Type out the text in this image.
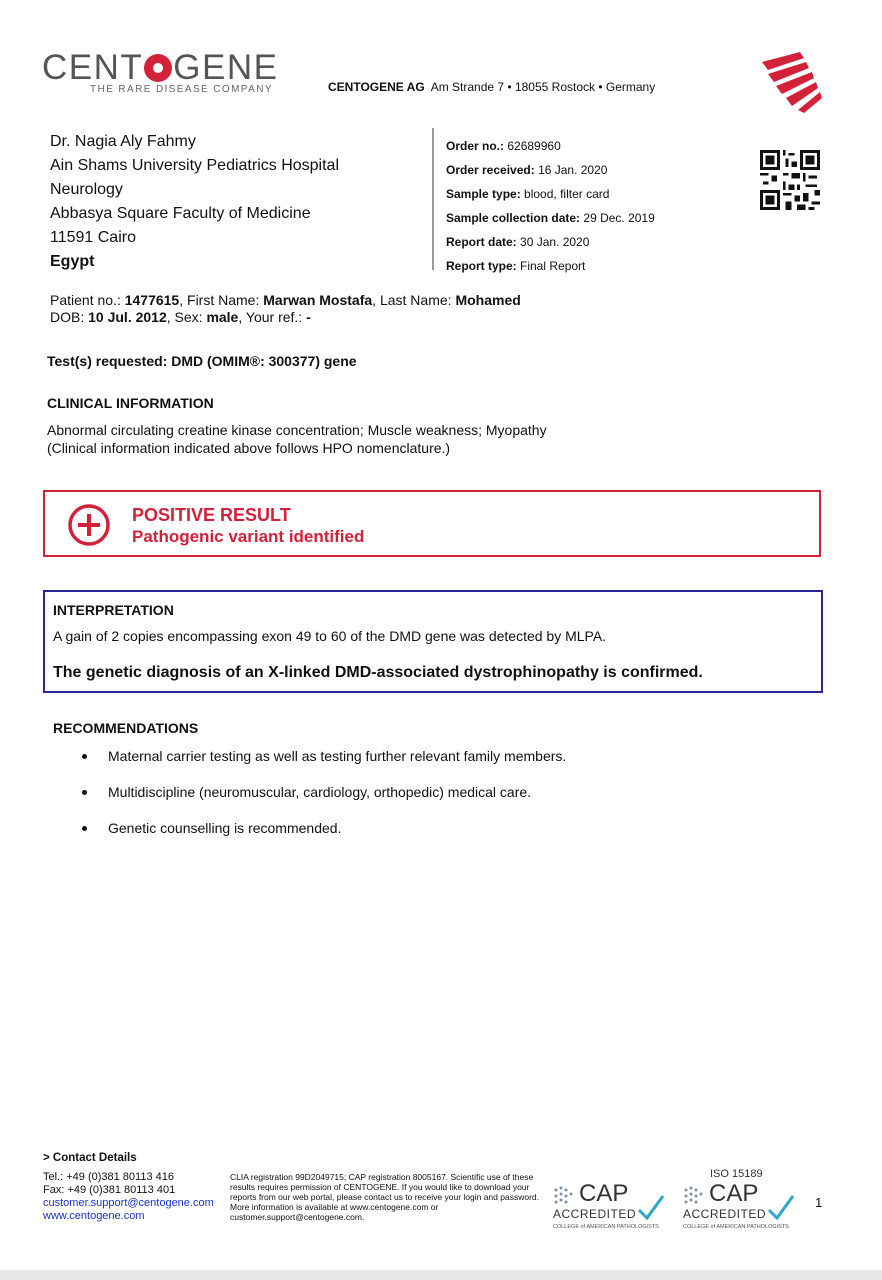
CENT GENE
THE RARE DISEASE COMPANY	CENTOGENE AG Am Strande 7 • 18055 Rostock • Germany
Dr. Nagia Aly Fahmy
Ain Shams University Pediatrics Hospital
Neurology
Abbasya Square Faculty of Medicine
11591 Cairo
Egypt
Order no.: 62689960
Order received: 16 Jan. 2020
Sample type: blood, filter card
Sample collection date: 29 Dec. 2019
Report date: 30 Jan. 2020
Report type: Final Report
Patient no.: 1477615, First Name: Marwan Mostafa, Last Name: Mohamed
DOB: 10 Jul. 2012, Sex: male, Your ref.: -
Test(s) requested: DMD (OMIM®: 300377) gene
CLINICAL INFORMATION
Abnormal circulating creatine kinase concentration; Muscle weakness; Myopathy
(Clinical information indicated above follows HPO nomenclature.)
POSITIVE RESULT
Pathogenic variant identified
INTERPRETATION
A gain of 2 copies encompassing exon 49 to 60 of the DMD gene was detected by MLPA.
The genetic diagnosis of an X-linked DMD-associated dystrophinopathy is confirmed.
RECOMMENDATIONS
Maternal carrier testing as well as testing further relevant family members.
Multidiscipline (neuromuscular, cardiology, orthopedic) medical care.
Genetic counselling is recommended.
> Contact Details
Tel.: +49 (0)381 80113 416
Fax: +49 (0)381 80113 401
customer.support@centogene.com
www.centogene.com
CLIA registration 99D2049715; CAP registration 8005167. Scientific use of these results requires permission of CENTOGENE. If you would like to download your reports from our web portal, please contact us to receive your login and password. More information is available at www.centogene.com or customer.support@centogene.com.
CAP
ACCREDITED
COLLEGE of AMERICAN PATHOLOGISTS
ISO 15189
CAP
ACCREDITED
COLLEGE of AMERICAN PATHOLOGISTS
1
